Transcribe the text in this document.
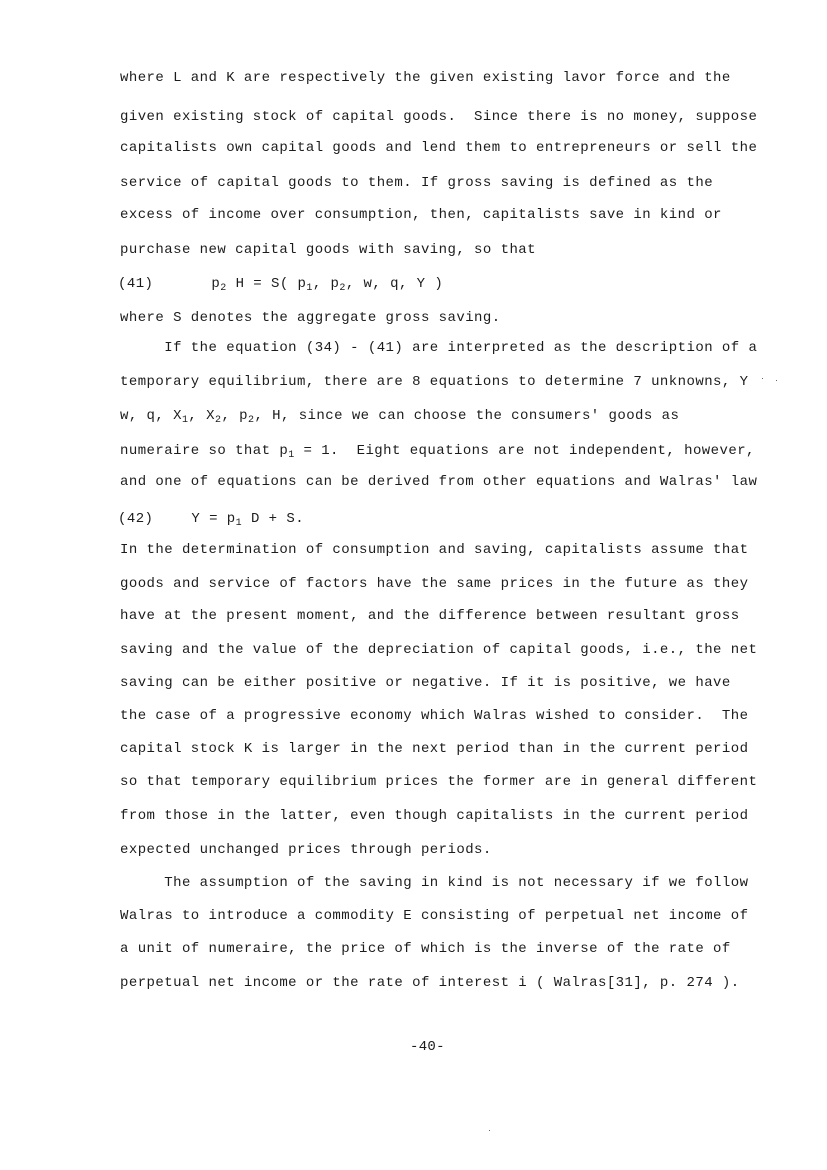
where L and K are respectively the given existing lavor force and the
given existing stock of capital goods.  Since there is no money, suppose
capitalists own capital goods and lend them to entrepreneurs or sell the
service of capital goods to them. If gross saving is defined as the
excess of income over consumption, then, capitalists save in kind or
purchase new capital goods with saving, so that
(41)	$p_2$ H = S( $p_1$, $p_2$, w, q, Y )
where S denotes the aggregate gross saving.
If the equation (34) - (41) are interpreted as the description of a
temporary equilibrium, there are 8 equations to determine 7 unknowns, Y
w, q, $X_1$, $X_2$, $p_2$, H, since we can choose the consumers' goods as
numeraire so that $p_1 = 1$.  Eight equations are not independent, however,
and one of equations can be derived from other equations and Walras' law
(42)	$Y = p_1$ D + S.
In the determination of consumption and saving, capitalists assume that
goods and service of factors have the same prices in the future as they
have at the present moment, and the difference between resultant gross
saving and the value of the depreciation of capital goods, i.e., the net
saving can be either positive or negative. If it is positive, we have
the case of a progressive economy which Walras wished to consider.  The
capital stock K is larger in the next period than in the current period
so that temporary equilibrium prices the former are in general different
from those in the latter, even though capitalists in the current period
expected unchanged prices through periods.
The assumption of the saving in kind is not necessary if we follow
Walras to introduce a commodity E consisting of perpetual net income of
a unit of numeraire, the price of which is the inverse of the rate of
perpetual net income or the rate of interest i ( Walras[31], p. 274 ).
-40-
